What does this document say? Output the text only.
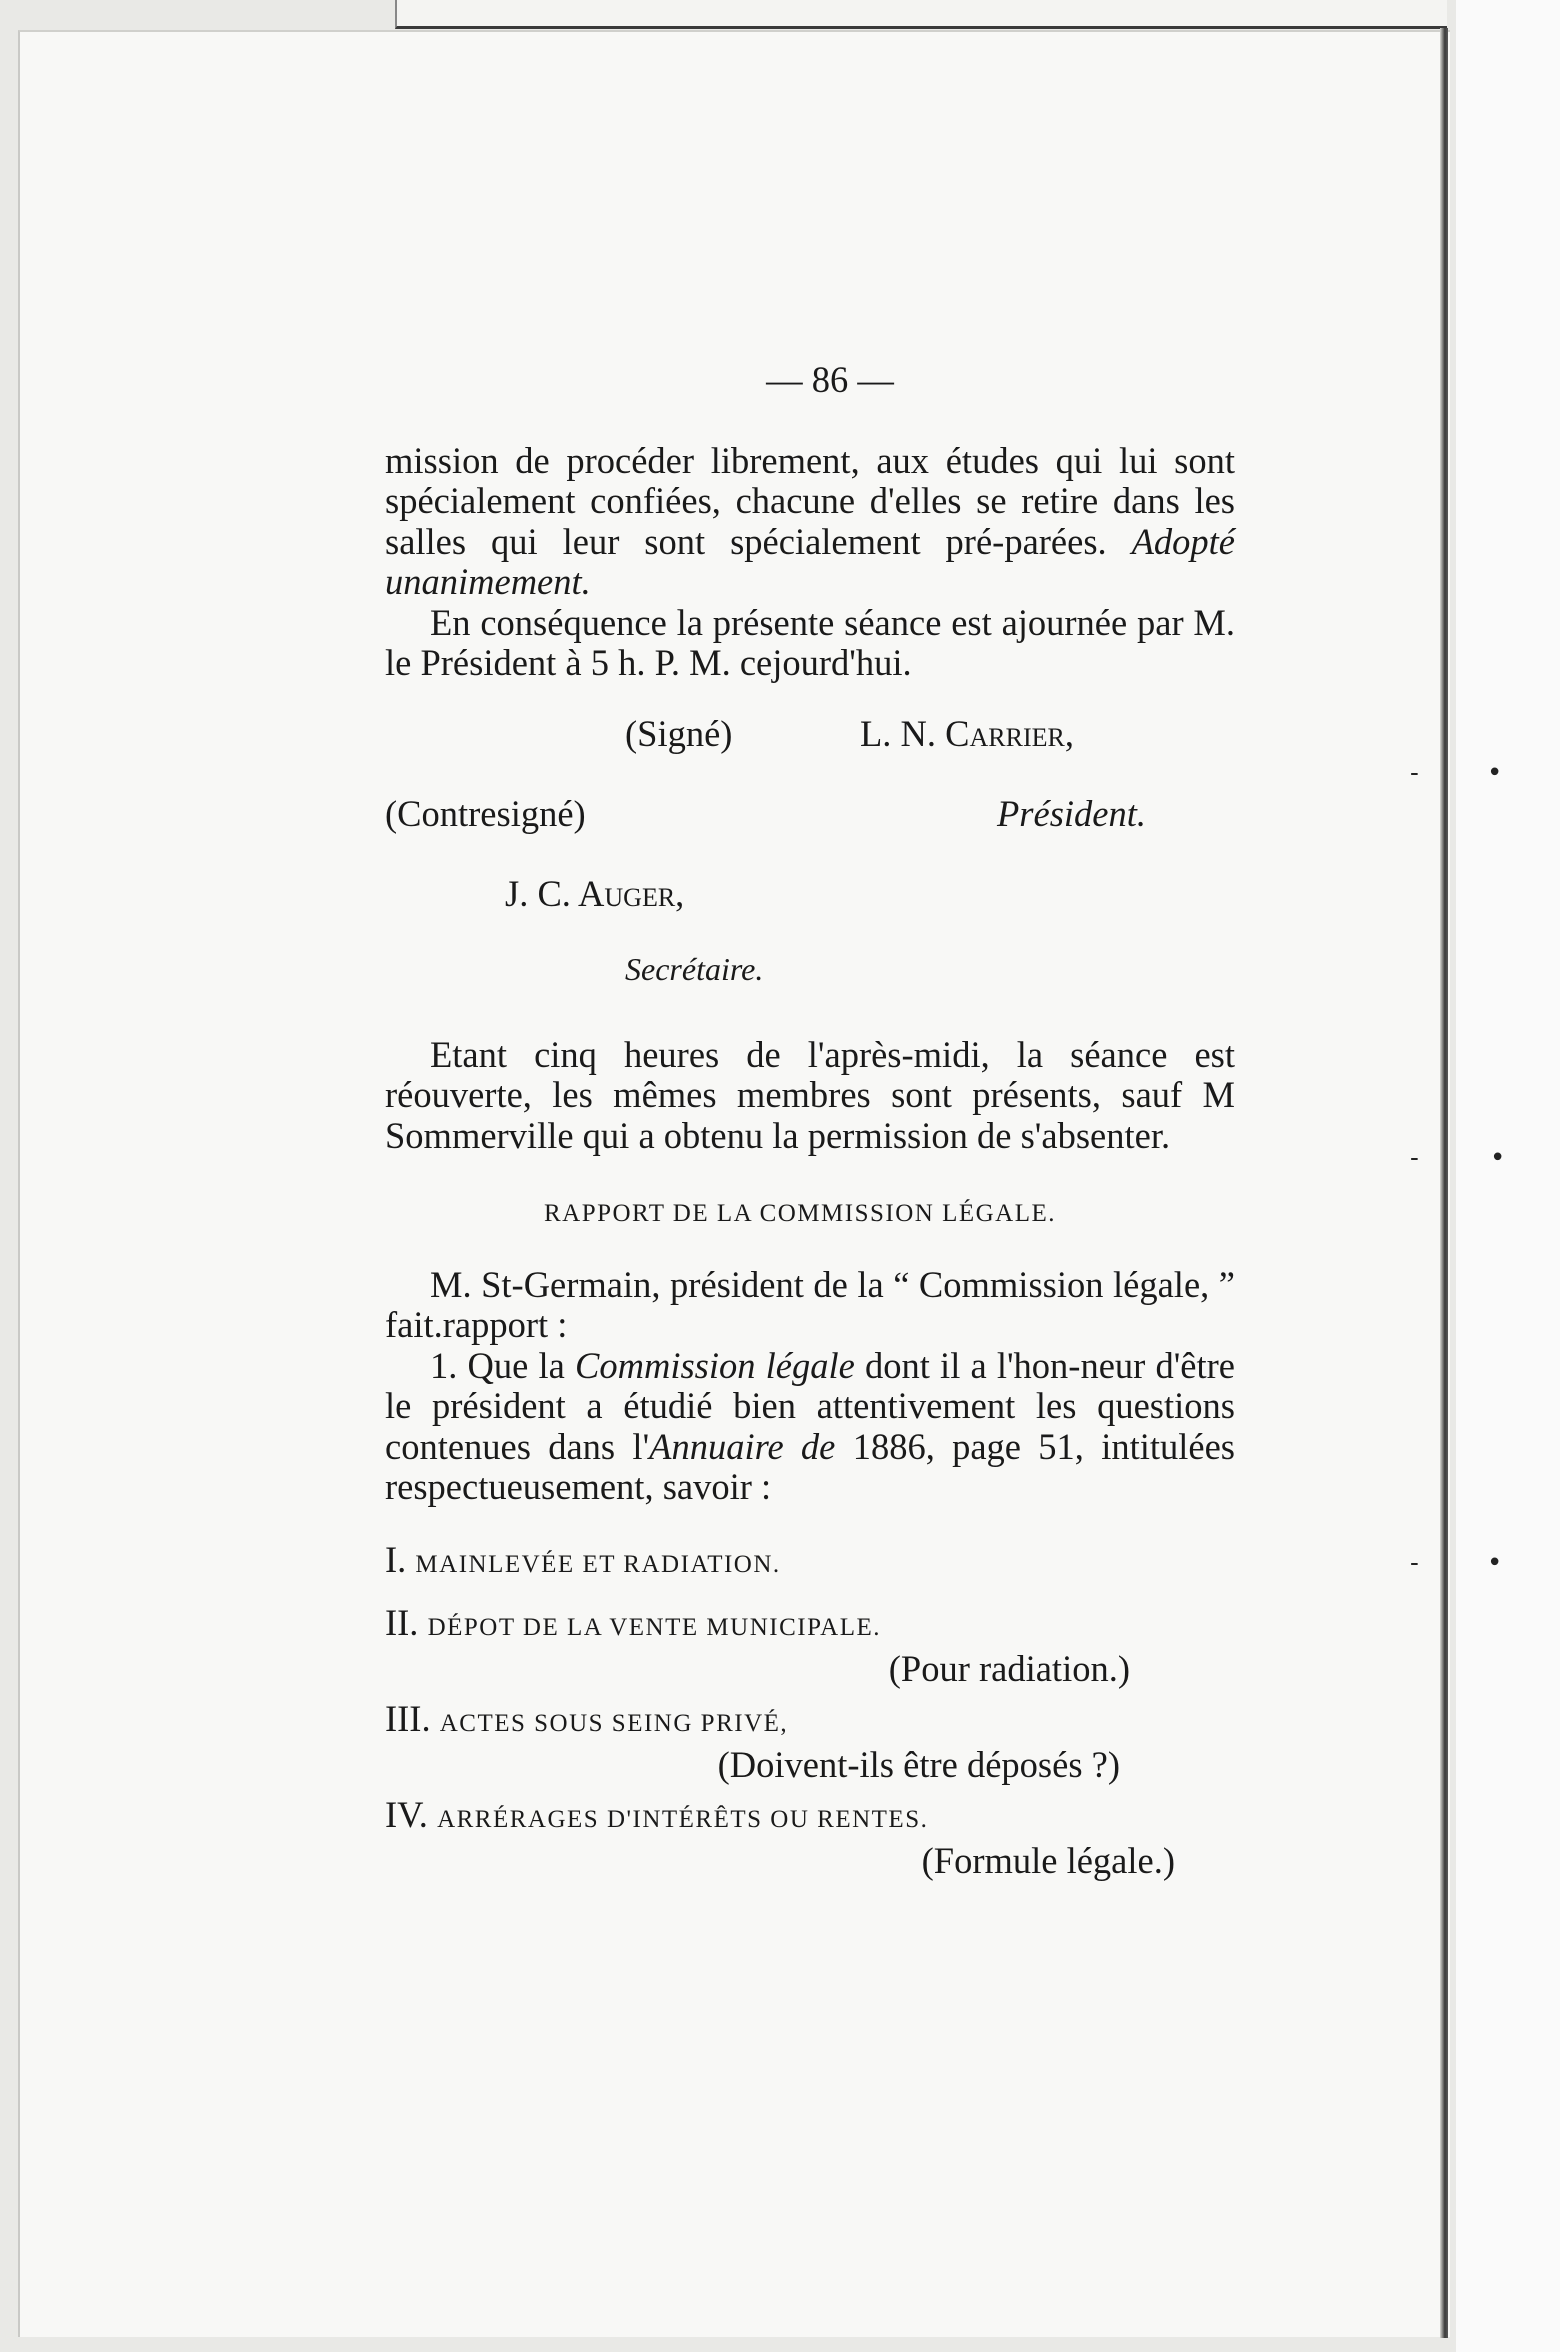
-	•
-	•
-	•
— 86 —

mission de procéder librement, aux études qui lui sont spécialement confiées, chacune d'elles se retire dans les salles qui leur sont spécialement pré-parées. Adopté unanimement.

En conséquence la présente séance est ajournée par M. le Président à 5 h. P. M. cejourd'hui.

(Signé)	L. N. Carrier,
(Contresigné)	Président.
J. C. Auger,
Secrétaire.

Etant cinq heures de l'après-midi, la séance est réouverte, les mêmes membres sont présents, sauf M Sommerville qui a obtenu la permission de s'absenter.

RAPPORT DE LA COMMISSION LÉGALE.

M. St-Germain, président de la “ Commission légale, ” fait.rapport :

1. Que la Commission légale dont il a l'hon-neur d'être le président a étudié bien attentivement les questions contenues dans l'Annuaire de 1886, page 51, intitulées respectueusement, savoir :

I. MAINLEVÉE ET RADIATION.

II. DÉPOT DE LA VENTE MUNICIPALE.

(Pour radiation.)

III. ACTES SOUS SEING PRIVÉ,

(Doivent-ils être déposés ?)

IV. ARRÉRAGES D'INTÉRÊTS OU RENTES.

(Formule légale.)
